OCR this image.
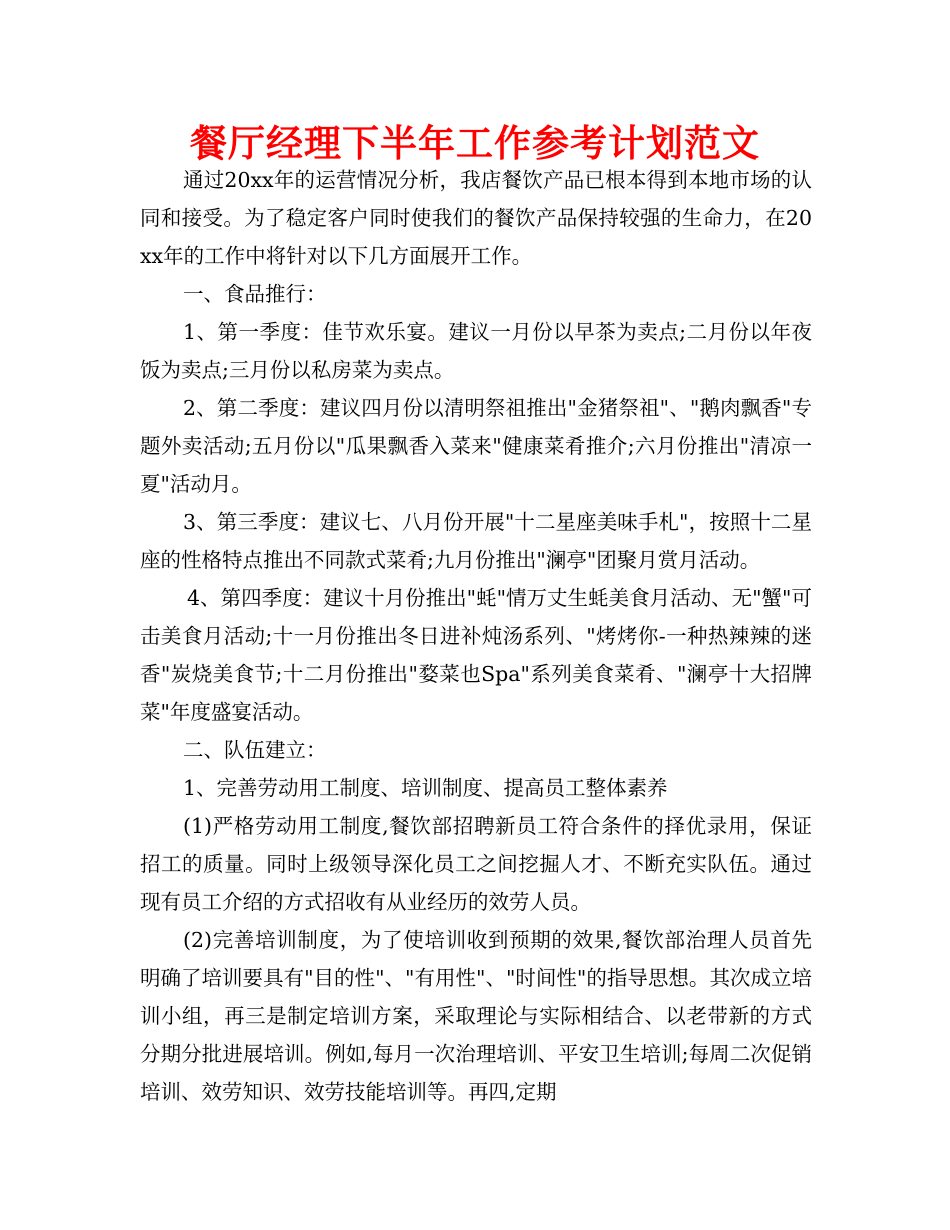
餐厅经理下半年工作参考计划范文

通过20xx年的运营情况分析，我店餐饮产品已根本得到本地市场的认同和接受。为了稳定客户同时使我们的餐饮产品保持较强的生命力，在20xx年的工作中将针对以下几方面展开工作。

一、食品推行：

1、第一季度：佳节欢乐宴。建议一月份以早茶为卖点;二月份以年夜饭为卖点;三月份以私房菜为卖点。

2、第二季度：建议四月份以清明祭祖推出"金猪祭祖"、"鹅肉飘香"专题外卖活动;五月份以"瓜果飘香入菜来"健康菜肴推介;六月份推出"清凉一夏"活动月。

3、第三季度：建议七、八月份开展"十二星座美味手札"，按照十二星座的性格特点推出不同款式菜肴;九月份推出"澜亭"团聚月赏月活动。

4、第四季度：建议十月份推出"蚝"情万丈生蚝美食月活动、无"蟹"可击美食月活动;十一月份推出冬日进补炖汤系列、"烤烤你-一种热辣辣的迷香"炭烧美食节;十二月份推出"婺菜也Spa"系列美食菜肴、"澜亭十大招牌菜"年度盛宴活动。

二、队伍建立：

1、完善劳动用工制度、培训制度、提高员工整体素养

(1)严格劳动用工制度,餐饮部招聘新员工符合条件的择优录用，保证招工的质量。同时上级领导深化员工之间挖掘人才、不断充实队伍。通过现有员工介绍的方式招收有从业经历的效劳人员。

(2)完善培训制度，为了使培训收到预期的效果,餐饮部治理人员首先明确了培训要具有"目的性"、"有用性"、"时间性"的指导思想。其次成立培训小组，再三是制定培训方案，采取理论与实际相结合、以老带新的方式分期分批进展培训。例如,每月一次治理培训、平安卫生培训;每周二次促销培训、效劳知识、效劳技能培训等。再四,定期
